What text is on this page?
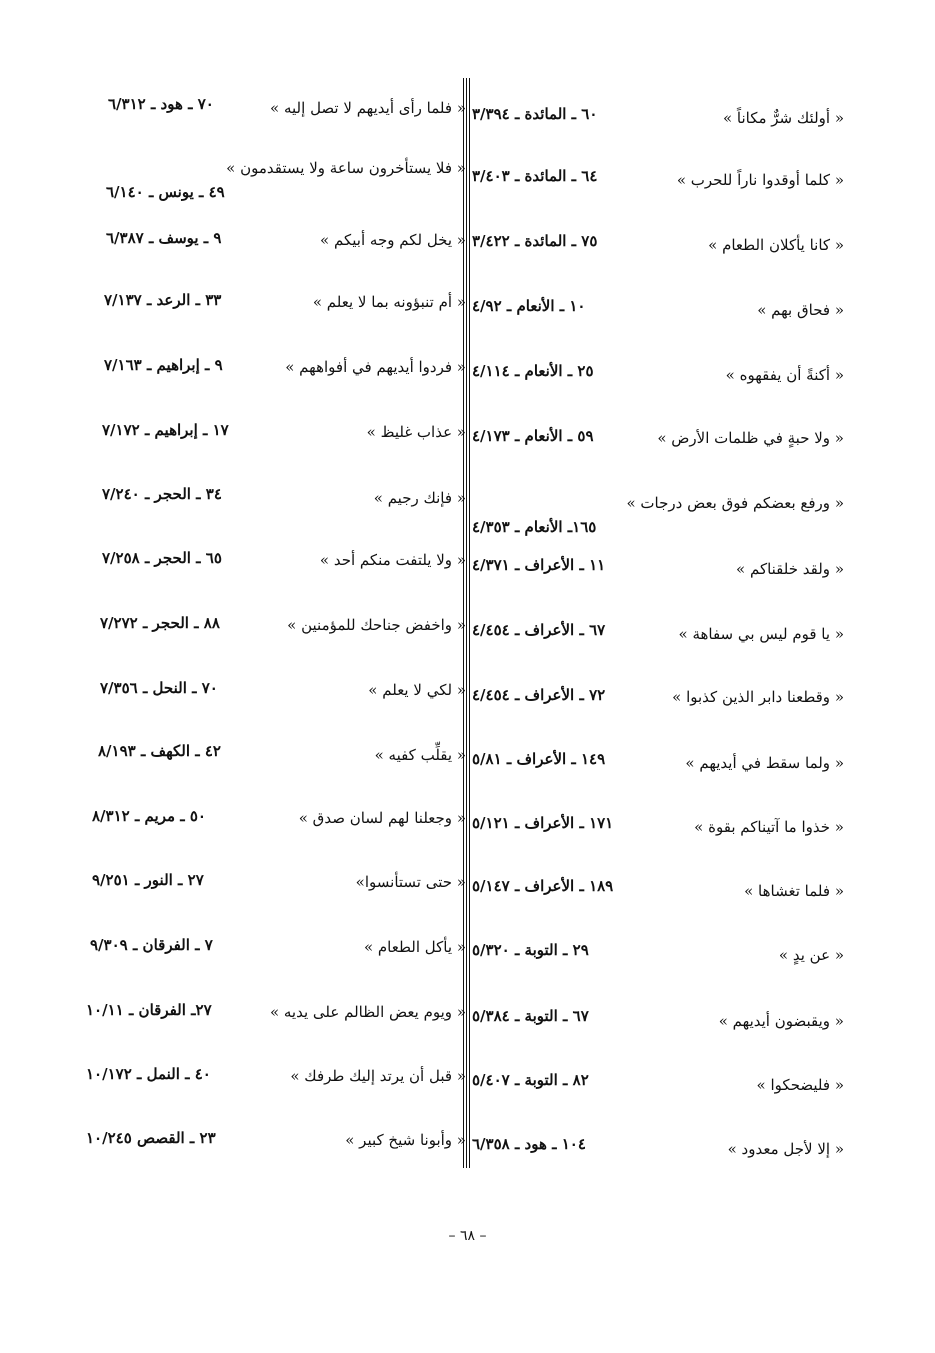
« أولئك شرٌّ مكاناً »
٦٠ ـ المائدة ـ ٣/٣٩٤
« كلما أوقدوا ناراً للحرب »
٦٤ ـ المائدة ـ ٣/٤٠٣
« كانا يأكلان الطعام »
٧٥ ـ المائدة ـ ٣/٤٢٢
« فحاق بهم »
١٠ ـ الأنعام ـ ٤/٩٢
« أكنةً أن يفقهوه »
٢٥ ـ الأنعام ـ ٤/١١٤
« ولا حبةٍ في ظلمات الأرض »
٥٩ ـ الأنعام ـ ٤/١٧٣
« ورفع بعضكم فوق بعض درجات »
١٦٥ـ الأنعام ـ ٤/٣٥٣
« ولقد خلقناكم »
١١ ـ الأعراف ـ ٤/٣٧١
« يا قوم ليس بي سفاهة »
٦٧ ـ الأعراف ـ ٤/٤٥٤
« وقطعنا دابر الذين كذبوا »
٧٢ ـ الأعراف ـ ٤/٤٥٤
« ولما سقط في أيديهم »
١٤٩ ـ الأعراف ـ ٥/٨١
« خذوا ما آتيناكم بقوة »
١٧١ ـ الأعراف ـ ٥/١٢١
« فلما تغشاها »
١٨٩ ـ الأعراف ـ ٥/١٤٧
« عن يدٍ »
٢٩ ـ التوبة ـ ٥/٣٢٠
« ويقبضون أيديهم »
٦٧ ـ التوبة ـ ٥/٣٨٤
« فليضحكوا »
٨٢ ـ التوبة ـ ٥/٤٠٧
« إلا لأجل معدود »
١٠٤ ـ هود ـ ٦/٣٥٨
« فلما رأى أيديهم لا تصل إليه »
٧٠ ـ هود ـ ٦/٣١٢
« فلا يستأخرون ساعة ولا يستقدمون »
٤٩ ـ يونس ـ ٦/١٤٠
« يخل لكم وجه أبيكم »
٩ ـ يوسف ـ ٦/٣٨٧
« أم تنبؤونه بما لا يعلم »
٣٣ ـ الرعد ـ ٧/١٣٧
« فردوا أيديهم في أفواههم »
٩ ـ إبراهيم ـ ٧/١٦٣
« عذاب غليظ »
١٧ ـ إبراهيم ـ ٧/١٧٢
« فإنك رجيم »
٣٤ ـ الحجر ـ ٧/٢٤٠
« ولا يلتفت منكم أحد »
٦٥ ـ الحجر ـ ٧/٢٥٨
« واخفض جناحك للمؤمنين »
٨٨ ـ الحجر ـ ٧/٢٧٢
« لكي لا يعلم »
٧٠ ـ النحل ـ ٧/٣٥٦
« يقلِّب كفيه »
٤٢ ـ الكهف ـ ٨/١٩٣
« وجعلنا لهم لسان صدق »
٥٠ ـ مريم ـ ٨/٣١٢
« حتى تستأنسوا»
٢٧ ـ النور ـ ٩/٢٥١
« يأكل الطعام »
٧ ـ الفرقان ـ ٩/٣٠٩
« ويوم يعض الظالم على يديه »
٢٧ـ الفرقان ـ ١٠/١١
« قبل أن يرتد إليك طرفك »
٤٠ ـ النمل ـ ١٠/١٧٢
« وأبونا شيخ كبير »
٢٣ ـ القصص ١٠/٢٤٥
– ٦٨ –
